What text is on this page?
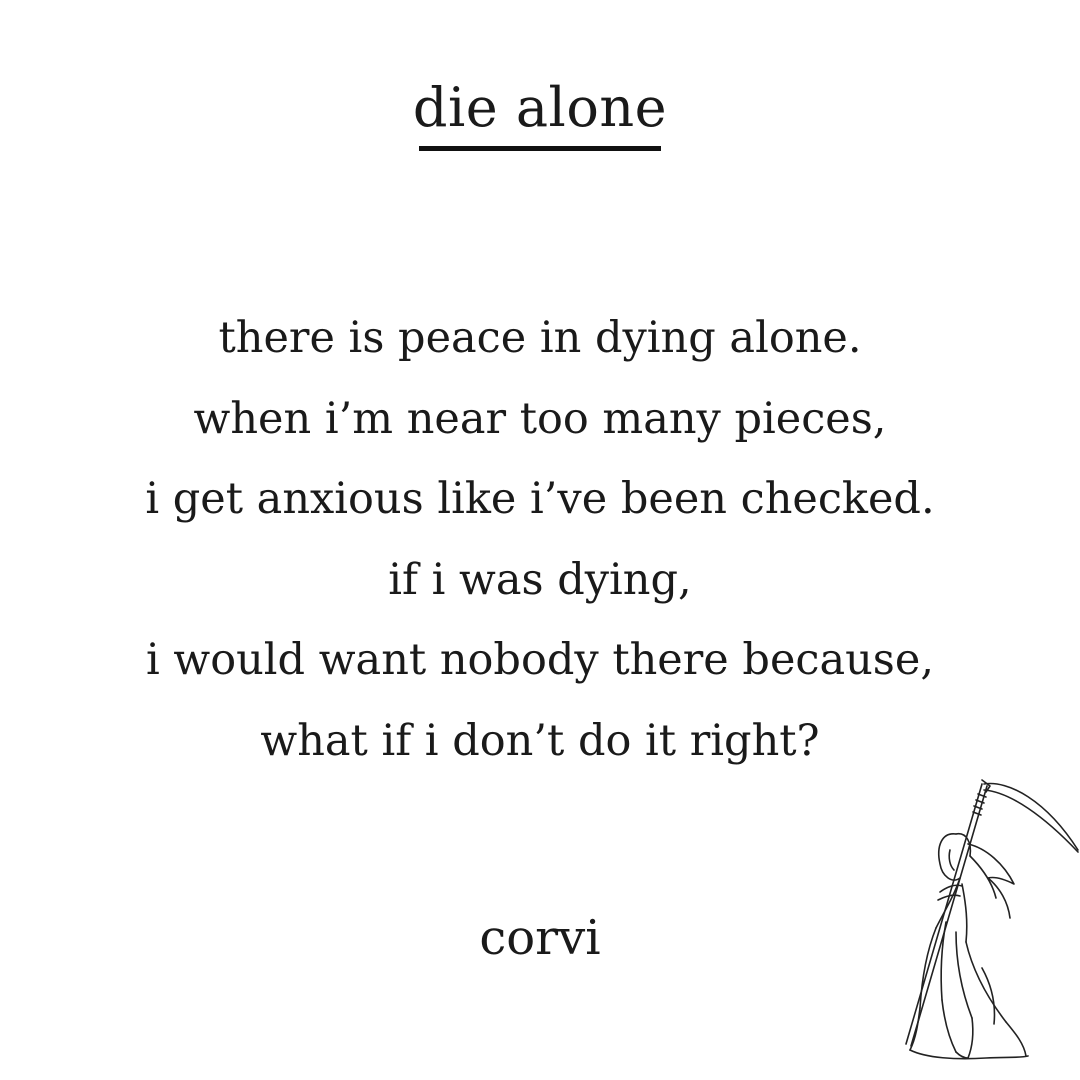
die alone
there is peace in dying alone.
when i’m near too many pieces,
i get anxious like i’ve been checked.
if i was dying,
i would want nobody there because,
what if i don’t do it right?
corvi
